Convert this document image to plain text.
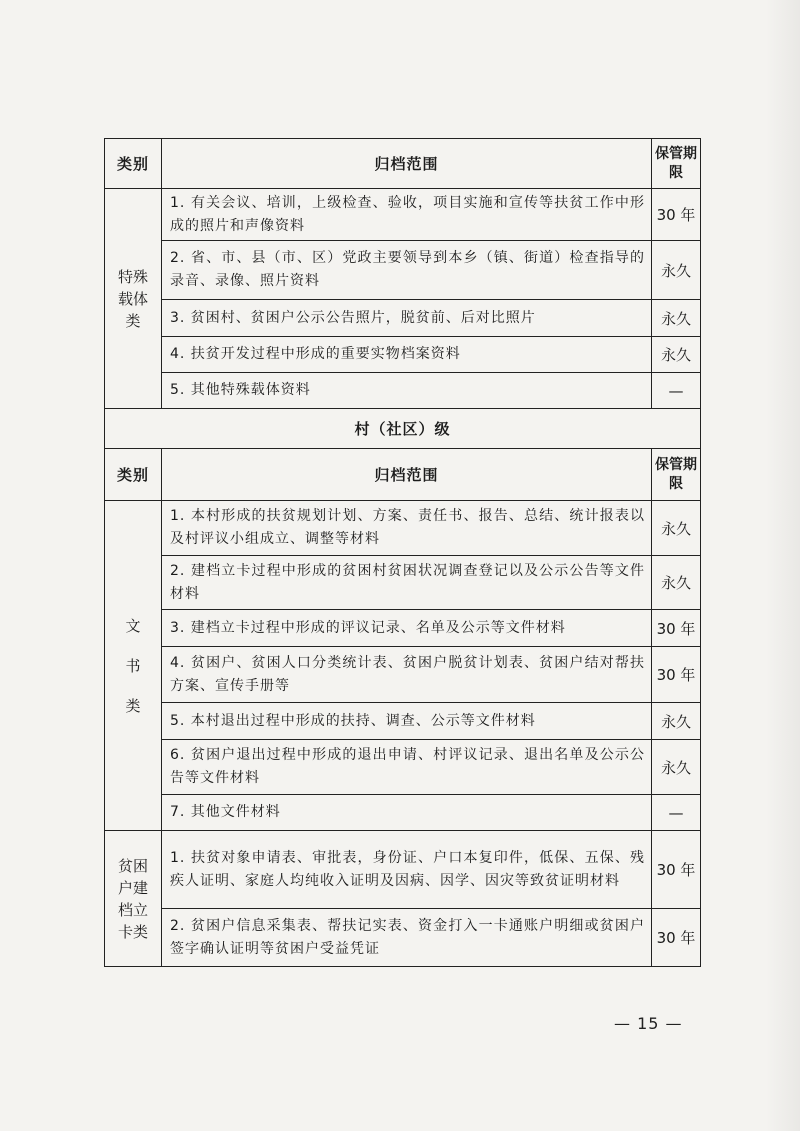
类别	归档范围	保管期限

特殊载体类	1. 有关会议、培训，上级检查、验收，项目实施和宣传等扶贫工作中形成的照片和声像资料	30 年
	2. 省、市、县（市、区）党政主要领导到本乡（镇、街道）检查指导的录音、录像、照片资料	永久
	3. 贫困村、贫困户公示公告照片，脱贫前、后对比照片	永久
	4. 扶贫开发过程中形成的重要实物档案资料	永久
	5. 其他特殊载体资料	—
村（社区）级		
类别	归档范围	保管期限

文书类	1. 本村形成的扶贫规划计划、方案、责任书、报告、总结、统计报表以及村评议小组成立、调整等材料	永久
	2. 建档立卡过程中形成的贫困村贫困状况调查登记以及公示公告等文件材料	永久
	3. 建档立卡过程中形成的评议记录、名单及公示等文件材料	30 年
	4. 贫困户、贫困人口分类统计表、贫困户脱贫计划表、贫困户结对帮扶方案、宣传手册等	30 年
	5. 本村退出过程中形成的扶持、调查、公示等文件材料	永久
	6. 贫困户退出过程中形成的退出申请、村评议记录、退出名单及公示公告等文件材料	永久
	7. 其他文件材料	—

贫困户建档立卡类	1. 扶贫对象申请表、审批表，身份证、户口本复印件，低保、五保、残疾人证明、家庭人均纯收入证明及因病、因学、因灾等致贫证明材料	30 年
	2. 贫困户信息采集表、帮扶记实表、资金打入一卡通账户明细或贫困户签字确认证明等贫困户受益凭证	30 年
— 15 —
